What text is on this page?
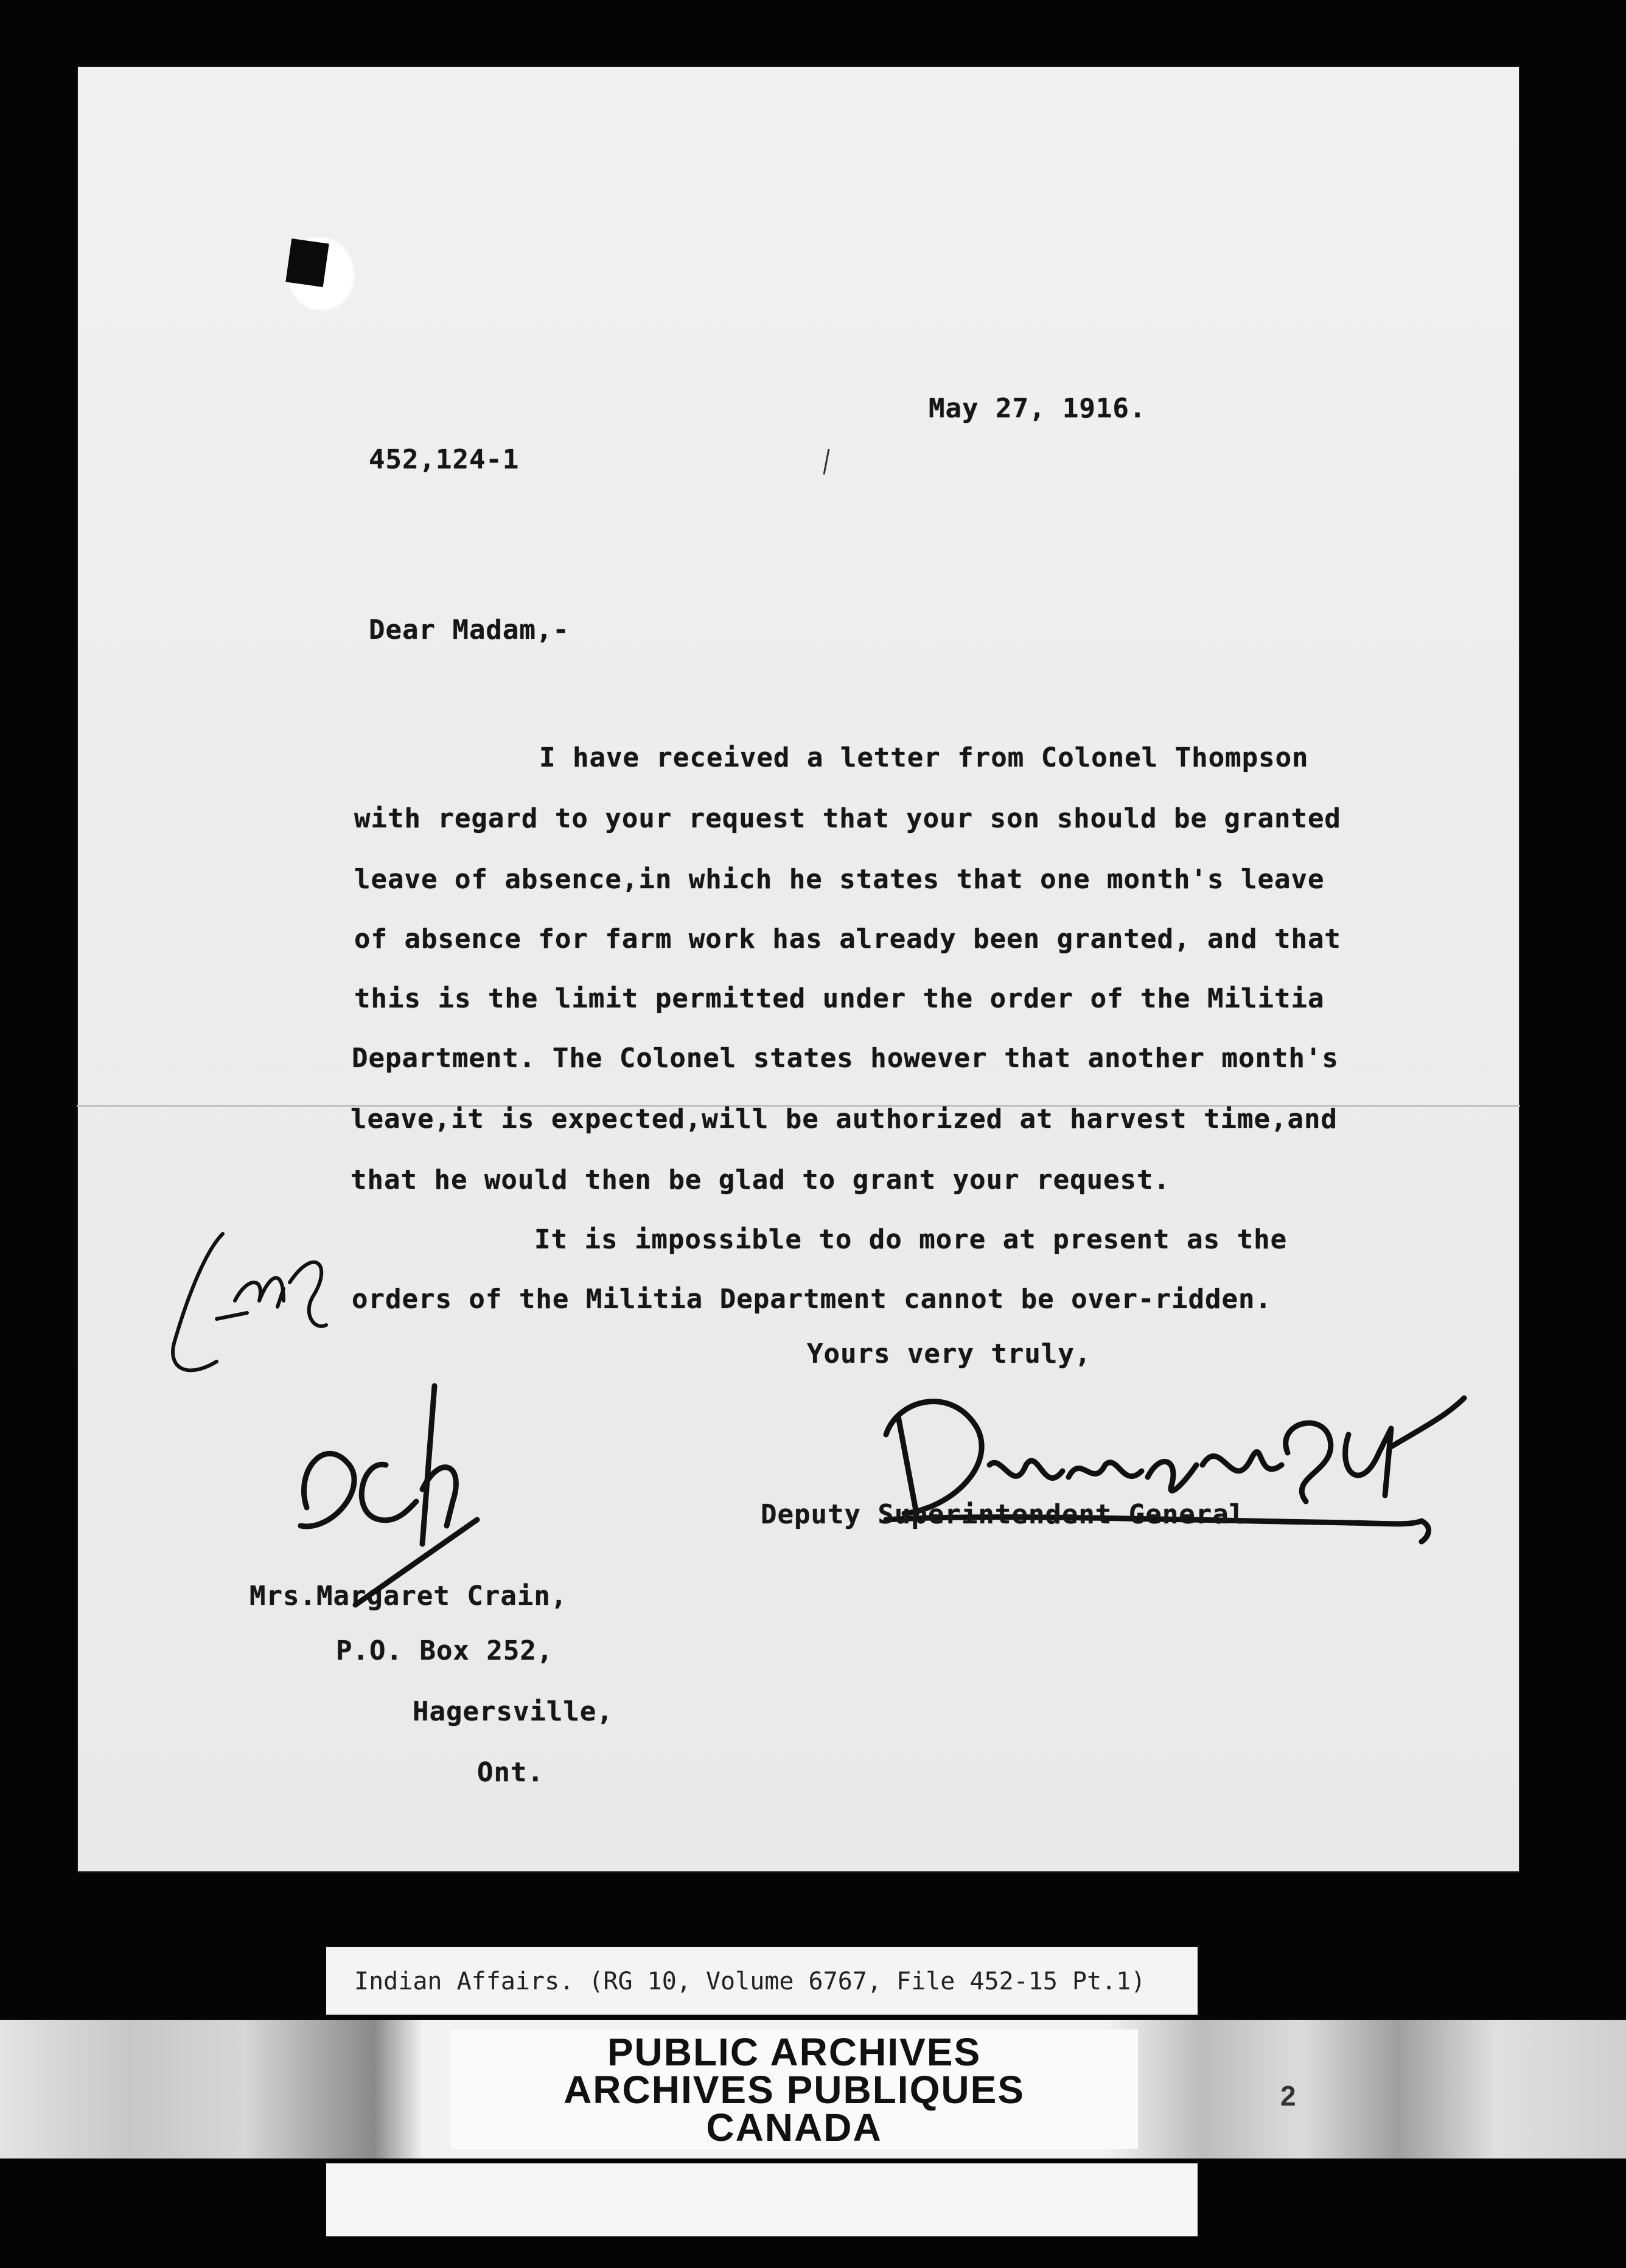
May 27, 1916.

452,124-1

Dear Madam,-

I have received a letter from Colonel Thompson

with regard to your request that your son should be granted

leave of absence,in which he states that one month's leave

of absence for farm work has already been granted, and that

this is the limit permitted under the order of the Militia

Department. The Colonel states however that another month's

leave,it is expected,will be authorized at harvest time,and

that he would then be glad to grant your request.

It is impossible to do more at present as the

orders of the Militia Department cannot be over-ridden.

Yours very truly,

Deputy Superintendent General

Mrs.Margaret Crain,

P.O. Box 252,

Hagersville,

Ont.

Indian Affairs. (RG 10, Volume 6767, File 452-15 Pt.1)
PUBLIC ARCHIVES
ARCHIVES PUBLIQUES
CANADA
2
